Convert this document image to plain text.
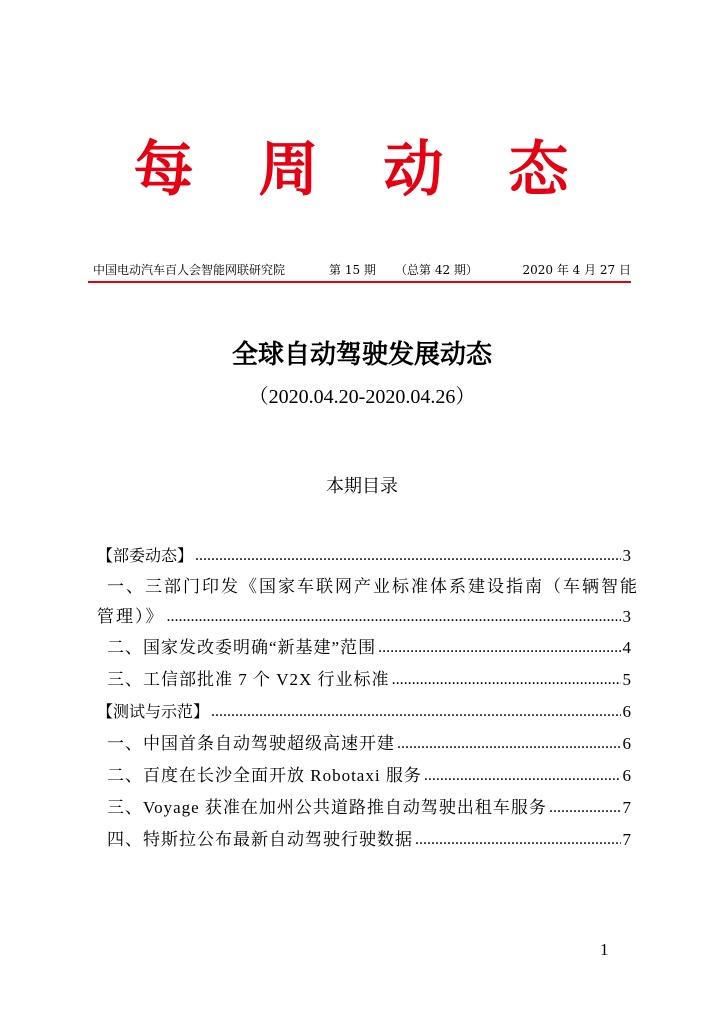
每 周 动 态
中国电动汽车百人会智能网联研究院	第 15 期 （总第 42 期）	2020 年 4 月 27 日
全球自动驾驶发展动态
（2020.04.20-2020.04.26）
本期目录
【部委动态】 .....	3
一、三部门印发《国家车联网产业标准体系建设指南（车辆智能
管理）》 .....	3
二、国家发改委明确“新基建”范围 .....	4
三、工信部批准 7 个 V2X 行业标准 .....	5
【测试与示范】 .....	6
一、中国首条自动驾驶超级高速开建 .....	6
二、百度在长沙全面开放 Robotaxi 服务 .....	6
三、Voyage 获准在加州公共道路推自动驾驶出租车服务 .....	7
四、特斯拉公布最新自动驾驶行驶数据 .....	7
1
